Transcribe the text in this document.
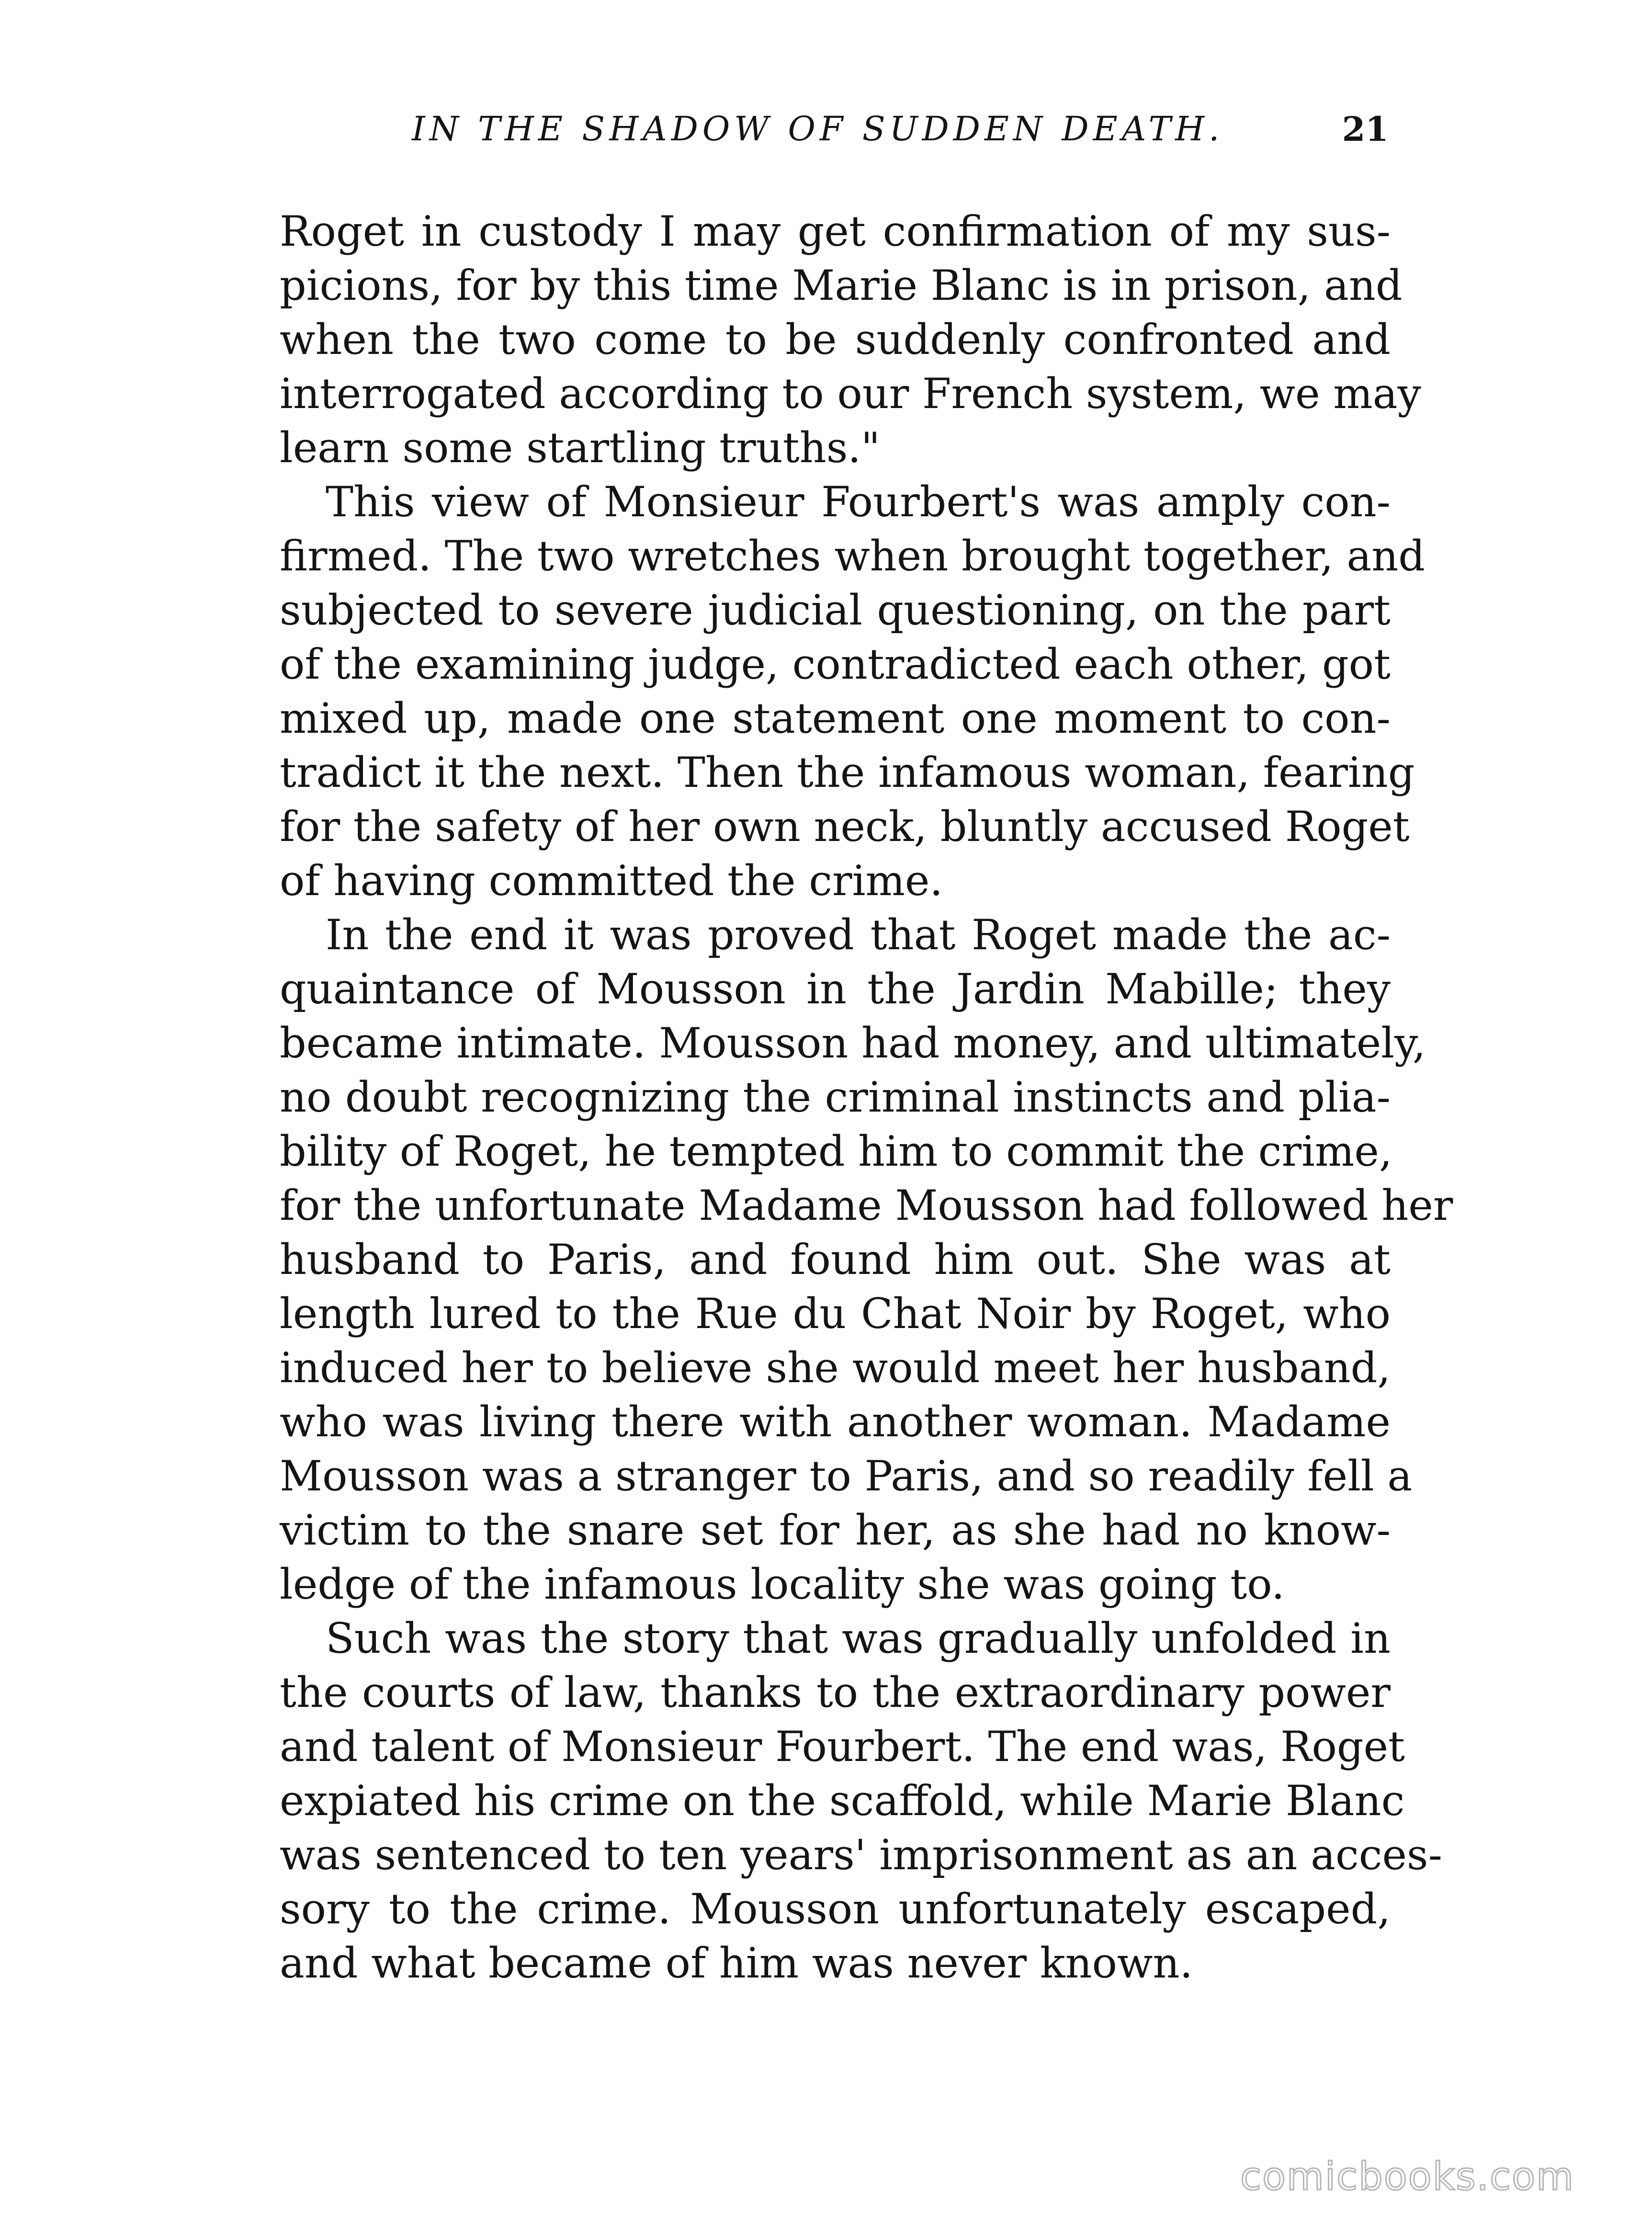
IN THE SHADOW OF SUDDEN DEATH.	21
Roget in custody I may get confirmation of my sus-
picions, for by this time Marie Blanc is in prison, and
when the two come to be suddenly confronted and
interrogated according to our French system, we may
learn some startling truths."
This view of Monsieur Fourbert's was amply con-
firmed. The two wretches when brought together, and
subjected to severe judicial questioning, on the part
of the examining judge, contradicted each other, got
mixed up, made one statement one moment to con-
tradict it the next. Then the infamous woman, fearing
for the safety of her own neck, bluntly accused Roget
of having committed the crime.
In the end it was proved that Roget made the ac-
quaintance of Mousson in the Jardin Mabille; they
became intimate. Mousson had money, and ultimately,
no doubt recognizing the criminal instincts and plia-
bility of Roget, he tempted him to commit the crime,
for the unfortunate Madame Mousson had followed her
husband to Paris, and found him out. She was at
length lured to the Rue du Chat Noir by Roget, who
induced her to believe she would meet her husband,
who was living there with another woman. Madame
Mousson was a stranger to Paris, and so readily fell a
victim to the snare set for her, as she had no know-
ledge of the infamous locality she was going to.
Such was the story that was gradually unfolded in
the courts of law, thanks to the extraordinary power
and talent of Monsieur Fourbert. The end was, Roget
expiated his crime on the scaffold, while Marie Blanc
was sentenced to ten years' imprisonment as an acces-
sory to the crime. Mousson unfortunately escaped,
and what became of him was never known.
comicbooks.com
